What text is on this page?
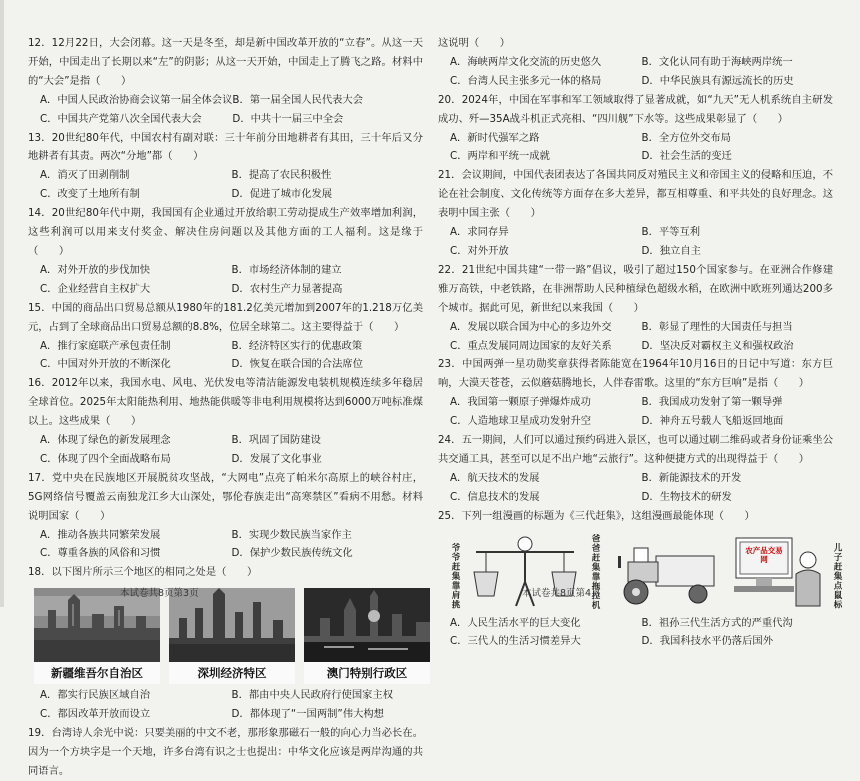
12．12月22日，大会闭幕。这一天是冬至，却是新中国改革开放的“立春”。从这一天开始，中国走出了长期以来“左”的阴影；从这一天开始，中国走上了腾飞之路。材料中的“大会”是指（　　）

A．中国人民政治协商会议第一届全体会议 B．第一届全国人民代表大会
C．中国共产党第八次全国代表大会	D．中共十一届三中全会

13．20世纪80年代，中国农村有副对联：三十年前分田地耕者有其田，三十年后又分地耕者有其责。两次“分地”都（　　）

A．消灭了田剥削制	B．提高了农民积极性
C．改变了土地所有制	D．促进了城市化发展

14．20世纪80年代中期，我国国有企业通过开放给职工劳动提成生产效率增加利润，这些利润可以用来支付奖金、解决住房问题以及其他方面的工人福利。这是缘于（　　）

A．对外开放的步伐加快	B．市场经济体制的建立
C．企业经营自主权扩大	D．农村生产力显著提高

15．中国的商品出口贸易总额从1980年的181.2亿美元增加到2007年的1.218万亿美元，占到了全球商品出口贸易总额的8.8%，位居全球第二。这主要得益于（　　）

A．推行家庭联产承包责任制	B．经济特区实行的优惠政策
C．中国对外开放的不断深化	D．恢复在联合国的合法席位

16．2012年以来，我国水电、风电、光伏发电等清洁能源发电装机规模连续多年稳居全球首位。2025年太阳能热利用、地热能供暖等非电利用规模将达到6000万吨标准煤以上。这些成果（　　）

A．体现了绿色的新发展理念	B．巩固了国防建设
C．体现了四个全面战略布局	D．发展了文化事业

17．党中央在民族地区开展脱贫攻坚战，“大网电”点亮了帕米尔高原上的峡谷村庄，5G网络信号覆盖云南独龙江乡大山深处，鄂伦春族走出“高寒禁区”看病不用愁。材料说明国家（　　）

A．推动各族共同繁荣发展	B．实现少数民族当家作主
C．尊重各族的风俗和习惯	D．保护少数民族传统文化

18．以下图片所示三个地区的相同之处是（　　）

新疆维吾尔自治区	深圳经济特区	澳门特别行政区
A．都实行民族区域自治	B．都由中央人民政府行使国家主权
C．都因改革开放而设立	D．都体现了“一国两制”伟大构想

19．台湾诗人余光中说：只要美丽的中文不老，那形象那磁石一般的向心力当必长在。因为一个方块字是一个天地，许多台湾有识之士也提出：中华文化应该是两岸沟通的共同语言。

本试卷共8页第3页

这说明（　　）

A．海峡两岸文化交流的历史悠久	B．文化认同有助于海峡两岸统一
C．台湾人民主张多元一体的格局	D．中华民族具有源远流长的历史

20．2024年，中国在军事和军工领域取得了显著成就，如“九天”无人机系统自主研发成功、歼—35A战斗机正式亮相、“四川舰”下水等。这些成果彰显了（　　）

A．新时代强军之路	B．全方位外交布局
C．两岸和平统一成就	D．社会生活的变迁

21．会议期间，中国代表团表达了各国共同反对殖民主义和帝国主义的侵略和压迫，不论在社会制度、文化传统等方面存在多大差异，都互相尊重、和平共处的良好理念。这表明中国主张（　　）

A．求同存异	B．平等互利
C．对外开放	D．独立自主

22．21世纪中国共建“一带一路”倡议，吸引了超过150个国家参与。在亚洲合作修建雅万高铁，中老铁路，在非洲帮助人民种植绿色超级水稻，在欧洲中欧班列通达200多个城市。据此可见，新世纪以来我国（　　）

A．发展以联合国为中心的多边外交	B．彰显了理性的大国责任与担当
C．重点发展同周边国家的友好关系	D．坚决反对霸权主义和强权政治

23．中国两弹一星功勋奖章获得者陈能宽在1964年10月16日的日记中写道：东方巨响，大漠天苍苍，云似蘑菇腾地长，人伴春雷歌。这里的“东方巨响”是指（　　）

A．我国第一颗原子弹爆炸成功	B．我国成功发射了第一颗导弹
C．人造地球卫星成功发射升空	D．神舟五号载人飞船返回地面

24．五一期间，人们可以通过预约码进入景区，也可以通过刷二维码或者身份证乘坐公共交通工具，甚至可以足不出户地“云旅行”。这种便捷方式的出现得益于（　　）

A．航天技术的发展	B．新能源技术的开发
C．信息技术的发展	D．生物技术的研发

25．下列一组漫画的标题为《三代赶集》，这组漫画最能体现（　　）

爷爷赶集靠肩挑	爸爸赶集靠拖拉机	农产品交易网	儿子赶集点鼠标
A．人民生活水平的巨大变化	B．祖孙三代生活方式的严重代沟
C．三代人的生活习惯差异大	D．我国科技水平仍落后国外
本试卷共8页第4页
